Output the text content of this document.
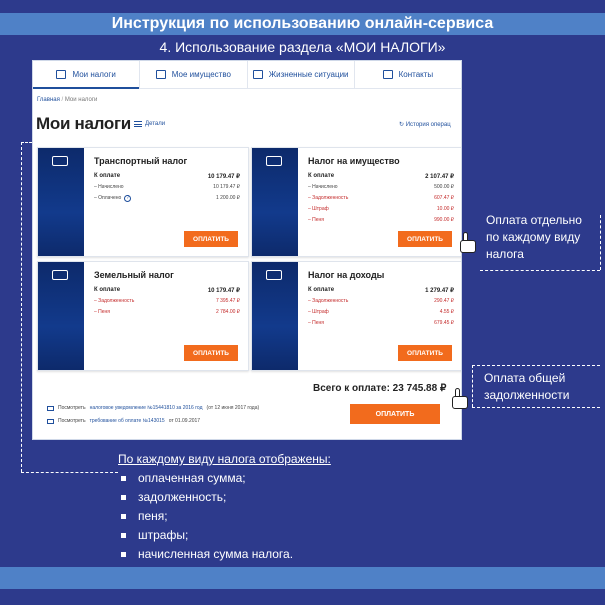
Инструкция по использованию онлайн-сервиса
4. Использование раздела «МОИ НАЛОГИ»
Мои налоги	Мое имущество	Жизненные ситуации	Контакты
Главная / Мои налоги
Мои налоги Детали	↻ История операц
Транспортный налог
К оплате	10 179.47 ₽
– Начислено	10 179.47 ₽
– Оплачено ?	1 200.00 ₽
ОПЛАТИТЬ
Налог на имущество
К оплате	2 107.47 ₽
– Начислено	500.00 ₽
– Задолженность	607.47 ₽
– Штраф	10.00 ₽
– Пеня	990.00 ₽
ОПЛАТИТЬ
Земельный налог
К оплате	10 179.47 ₽
– Задолженность	7 395.47 ₽
– Пеня	2 784.00 ₽
ОПЛАТИТЬ
Налог на доходы
К оплате	1 279.47 ₽
– Задолженность	290.47 ₽
– Штраф	4.55 ₽
– Пеня	679.45 ₽
ОПЛАТИТЬ
Всего к оплате: 23 745.88 ₽
Посмотреть налоговое уведомление №15441810 за 2016 год (от 12 июня 2017 года)
Посмотреть требование об оплате №143015 от 01.09.2017
ОПЛАТИТЬ
Оплата отдельно по каждому виду налога
Оплата общей задолженности
По каждому виду налога отображены:
оплаченная сумма;
задолженность;
пеня;
штрафы;
начисленная сумма налога.
